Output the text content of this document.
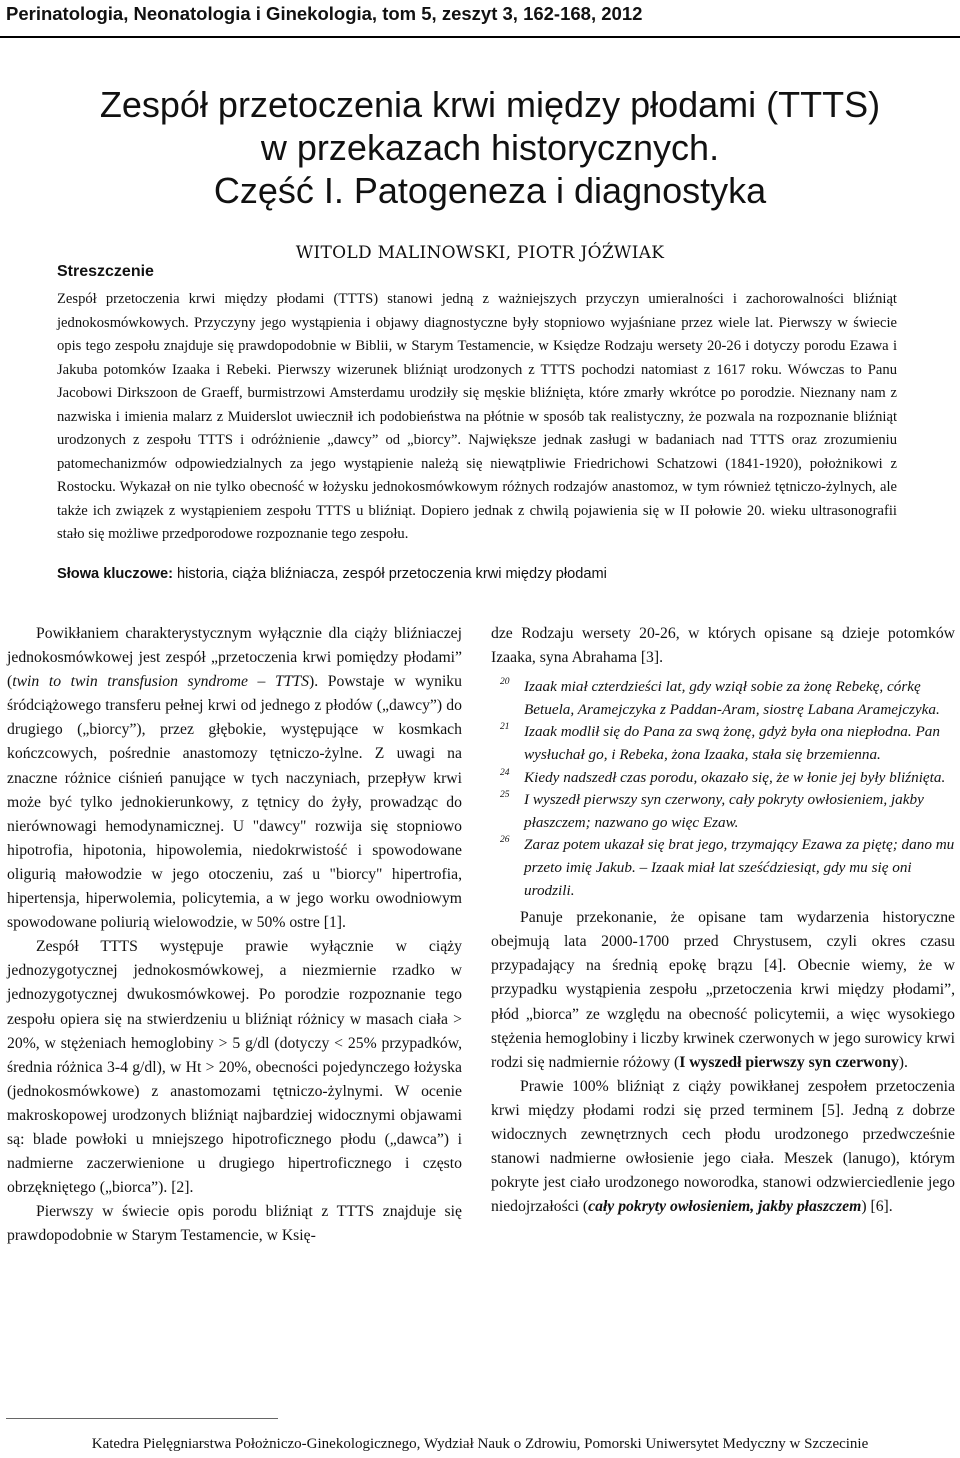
Perinatologia, Neonatologia i Ginekologia, tom 5, zeszyt 3, 162-168, 2012
Zespół przetoczenia krwi między płodami (TTTS)
w przekazach historycznych.
Część I. Patogeneza i diagnostyka
WITOLD MALINOWSKI, PIOTR JÓŹWIAK
Streszczenie
Zespół przetoczenia krwi między płodami (TTTS) stanowi jedną z ważniejszych przyczyn umieralności i zachorowalności bliźniąt jednokosmówkowych. Przyczyny jego wystąpienia i objawy diagnostyczne były stopniowo wyjaśniane przez wiele lat. Pierwszy w świecie opis tego zespołu znajduje się prawdopodobnie w Biblii, w Starym Testamencie, w Księdze Rodzaju wersety 20-26 i dotyczy porodu Ezawa i Jakuba potomków Izaaka i Rebeki. Pierwszy wizerunek bliźniąt urodzonych z TTTS pochodzi natomiast z 1617 roku. Wówczas to Panu Jacobowi Dirkszoon de Graeff, burmistrzowi Amsterdamu urodziły się męskie bliźnięta, które zmarły wkrótce po porodzie. Nieznany nam z nazwiska i imienia malarz z Muiderslot uwiecznił ich podobieństwa na płótnie w sposób tak realistyczny, że pozwala na rozpoznanie bliźniąt urodzonych z zespołu TTTS i odróżnienie „dawcy” od „biorcy”. Największe jednak zasługi w badaniach nad TTTS oraz zrozumieniu patomechanizmów odpowiedzialnych za jego wystąpienie należą się niewątpliwie Friedrichowi Schatzowi (1841-1920), położnikowi z Rostocku. Wykazał on nie tylko obecność w łożysku jednokosmówkowym różnych rodzajów anastomoz, w tym również tętniczo-żylnych, ale także ich związek z wystąpieniem zespołu TTTS u bliźniąt. Dopiero jednak z chwilą pojawienia się w II połowie 20. wieku ultrasonografii stało się możliwe przedporodowe rozpoznanie tego zespołu.
Słowa kluczowe: historia, ciąża bliźniacza, zespół przetoczenia krwi między płodami

Powikłaniem charakterystycznym wyłącznie dla ciąży bliźniaczej jednokosmówkowej jest zespół „przetoczenia krwi pomiędzy płodami” (twin to twin transfusion syndrome – TTTS). Powstaje w wyniku śródciążowego transferu pełnej krwi od jednego z płodów („dawcy”) do drugiego („biorcy”), przez głębokie, występujące w kosmkach kończcowych, pośrednie anastomozy tętniczo-żylne. Z uwagi na znaczne różnice ciśnień panujące w tych naczyniach, przepływ krwi może być tylko jednokierunkowy, z tętnicy do żyły, prowadząc do nierównowagi hemodynamicznej. U "dawcy" rozwija się stopniowo hipotrofia, hipotonia, hipowolemia, niedokrwistość i spowodowane oligurią małowodzie w jego otoczeniu, zaś u "biorcy" hipertrofia, hipertensja, hiperwolemia, policytemia, a w jego worku owodniowym spowodowane poliurią wielowodzie, w 50% ostre [1].

Zespół TTTS występuje prawie wyłącznie w ciąży jednozygotycznej jednokosmówkowej, a niezmiernie rzadko w jednozygotycznej dwukosmówkowej. Po porodzie rozpoznanie tego zespołu opiera się na stwierdzeniu u bliźniąt różnicy w masach ciała > 20%, w stężeniach hemoglobiny > 5 g/dl (dotyczy < 25% przypadków, średnia różnica 3-4 g/dl), w Ht > 20%, obecności pojedynczego łożyska (jednokosmówkowe) z anastomozami tętniczo-żylnymi. W ocenie makroskopowej urodzonych bliźniąt najbardziej widocznymi objawami są: blade powłoki u mniejszego hipotroficznego płodu („dawca”) i nadmierne zaczerwienione u drugiego hipertroficznego i często obrzękniętego („biorca”). [2].

Pierwszy w świecie opis porodu bliźniąt z TTTS znajduje się prawdopodobnie w Starym Testamencie, w Księ-

dze Rodzaju wersety 20-26, w których opisane są dzieje potomków Izaaka, syna Abrahama [3].

20 Izaak miał czterdzieści lat, gdy wziął sobie za żonę Rebekę, córkę Betuela, Aramejczyka z Paddan-Aram, siostrę Labana Aramejczyka.
21 Izaak modlił się do Pana za swą żonę, gdyż była ona niepłodna. Pan wysłuchał go, i Rebeka, żona Izaaka, stała się brzemienna.
24 Kiedy nadszedł czas porodu, okazało się, że w łonie jej były bliźnięta.
25 I wyszedł pierwszy syn czerwony, cały pokryty owłosieniem, jakby płaszczem; nazwano go więc Ezaw.
26 Zaraz potem ukazał się brat jego, trzymający Ezawa za piętę; dano mu przeto imię Jakub. – Izaak miał lat sześćdziesiąt, gdy mu się oni urodzili.

Panuje przekonanie, że opisane tam wydarzenia historyczne obejmują lata 2000-1700 przed Chrystusem, czyli okres czasu przypadający na średnią epokę brązu [4]. Obecnie wiemy, że w przypadku wystąpienia zespołu „przetoczenia krwi między płodami”, płód „biorca” ze względu na obecność policytemii, a więc wysokiego stężenia hemoglobiny i liczby krwinek czerwonych w jego surowicy krwi rodzi się nadmiernie różowy (I wyszedł pierwszy syn czerwony).

Prawie 100% bliźniąt z ciąży powikłanej zespołem przetoczenia krwi między płodami rodzi się przed terminem [5]. Jedną z dobrze widocznych zewnętrznych cech płodu urodzonego przedwcześnie stanowi nadmierne owłosienie jego ciała. Meszek (lanugo), którym pokryte jest ciało urodzonego noworodka, stanowi odzwierciedlenie jego niedojrzałości (cały pokryty owłosieniem, jakby płaszczem) [6].

Katedra Pielęgniarstwa Położniczo-Ginekologicznego, Wydział Nauk o Zdrowiu, Pomorski Uniwersytet Medyczny w Szczecinie
